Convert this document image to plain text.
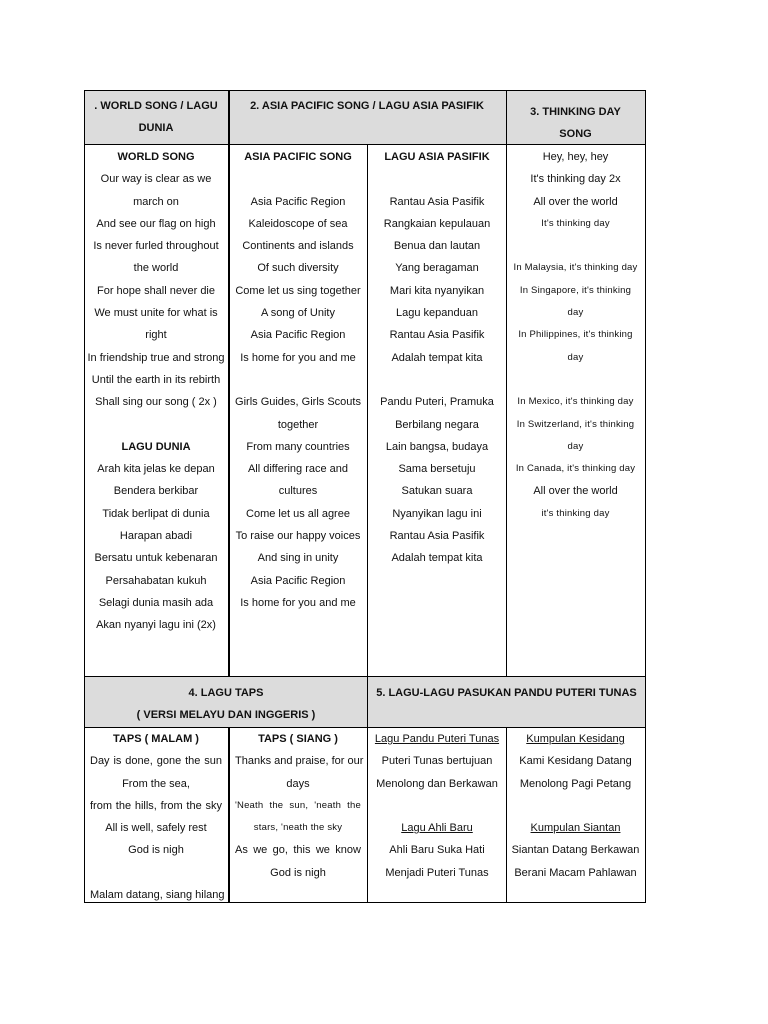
. WORLD SONG / LAGU
DUNIA
2. ASIA PACIFIC SONG / LAGU ASIA PASIFIK	3. THINKING DAY
SONG
4. LAGU TAPS
( VERSI MELAYU DAN INGGERIS )
5. LAGU-LAGU PASUKAN PANDU PUTERI TUNAS
WORLD SONG
Our way is clear as we
march on
And see our flag on high
Is never furled throughout
the world
For hope shall never die
We must unite for what is
right
In friendship true and strong
Until the earth in its rebirth
Shall sing our song ( 2x )
LAGU DUNIA
Arah kita jelas ke depan
Bendera berkibar
Tidak berlipat di dunia
Harapan abadi
Bersatu untuk kebenaran
Persahabatan kukuh
Selagi dunia masih ada
Akan nyanyi lagu ini (2x)
ASIA PACIFIC SONG
Asia Pacific Region
Kaleidoscope of sea
Continents and islands
Of such diversity
Come let us sing together
A song of Unity
Asia Pacific Region
Is home for you and me
Girls Guides, Girls Scouts
together
From many countries
All differing race and
cultures
Come let us all agree
To raise our happy voices
And sing in unity
Asia Pacific Region
Is home for you and me
LAGU ASIA PASIFIK
Rantau Asia Pasifik
Rangkaian kepulauan
Benua dan lautan
Yang beragaman
Mari kita nyanyikan
Lagu kepanduan
Rantau Asia Pasifik
Adalah tempat kita
Pandu Puteri, Pramuka
Berbilang negara
Lain bangsa, budaya
Sama bersetuju
Satukan suara
Nyanyikan lagu ini
Rantau Asia Pasifik
Adalah tempat kita
Hey, hey, hey
It's thinking day 2x
All over the world
It's thinking day
In Malaysia, it's thinking day
In Singapore, it's thinking
day
In Philippines, it's thinking
day
In Mexico, it's thinking day
In Switzerland, it's thinking
day
In Canada, it's thinking day
All over the world
it's thinking day
TAPS ( MALAM )
Day is done, gone the sun
From the sea,
from the hills, from the sky
All is well, safely rest
God is nigh
Malam datang, siang hilang
TAPS ( SIANG )
Thanks and praise, for our
days
'Neath the sun, 'neath the
stars, 'neath the sky
As we go, this we know
God is nigh
Lagu Pandu Puteri Tunas
Puteri Tunas bertujuan
Menolong dan Berkawan
Lagu Ahli Baru
Ahli Baru Suka Hati
Menjadi Puteri Tunas
Kumpulan Kesidang
Kami Kesidang Datang
Menolong Pagi Petang
Kumpulan Siantan
Siantan Datang Berkawan
Berani Macam Pahlawan
